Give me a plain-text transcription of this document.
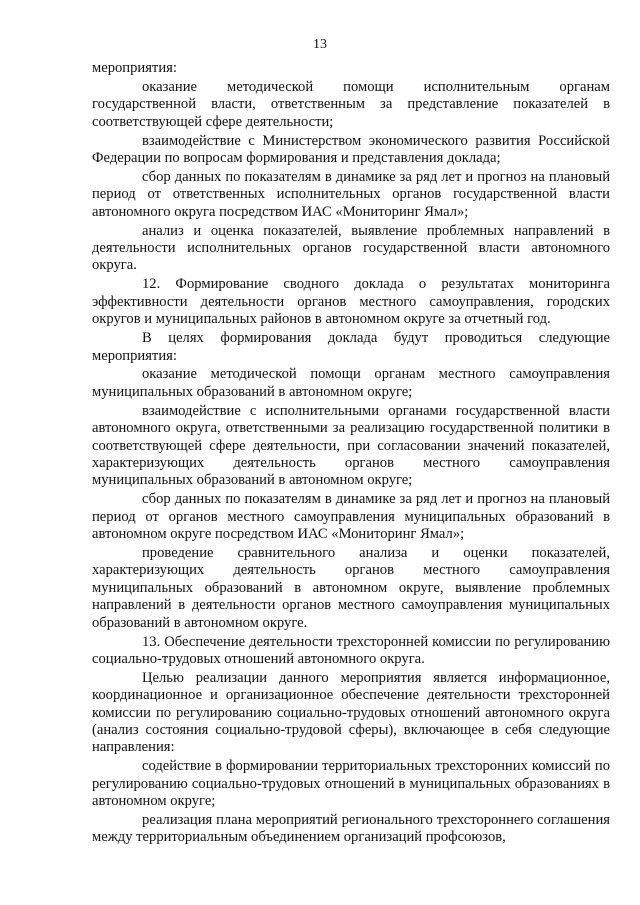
13

мероприятия:

оказание методической помощи исполнительным органам государственной власти, ответственным за представление показателей в соответствующей сфере деятельности;

взаимодействие с Министерством экономического развития Российской Федерации по вопросам формирования и представления доклада;

сбор данных по показателям в динамике за ряд лет и прогноз на плановый период от ответственных исполнительных органов государственной власти автономного округа посредством ИАС «Мониторинг Ямал»;

анализ и оценка показателей, выявление проблемных направлений в деятельности исполнительных органов государственной власти автономного округа.

12. Формирование сводного доклада о результатах мониторинга эффективности деятельности органов местного самоуправления, городских округов и муниципальных районов в автономном округе за отчетный год.

В целях формирования доклада будут проводиться следующие мероприятия:

оказание методической помощи органам местного самоуправления муниципальных образований в автономном округе;

взаимодействие с исполнительными органами государственной власти автономного округа, ответственными за реализацию государственной политики в соответствующей сфере деятельности, при согласовании значений показателей, характеризующих деятельность органов местного самоуправления муниципальных образований в автономном округе;

сбор данных по показателям в динамике за ряд лет и прогноз на плановый период от органов местного самоуправления муниципальных образований в автономном округе посредством ИАС «Мониторинг Ямал»;

проведение сравнительного анализа и оценки показателей, характеризующих деятельность органов местного самоуправления муниципальных образований в автономном округе, выявление проблемных направлений в деятельности органов местного самоуправления муниципальных образований в автономном округе.

13. Обеспечение деятельности трехсторонней комиссии по регулированию социально-трудовых отношений автономного округа.

Целью реализации данного мероприятия является информационное, координационное и организационное обеспечение деятельности трехсторонней комиссии по регулированию социально-трудовых отношений автономного округа (анализ состояния социально-трудовой сферы), включающее в себя следующие направления:

содействие в формировании территориальных трехсторонних комиссий по регулированию социально-трудовых отношений в муниципальных образованиях в автономном округе;

реализация плана мероприятий регионального трехстороннего соглашения между территориальным объединением организаций профсоюзов,
